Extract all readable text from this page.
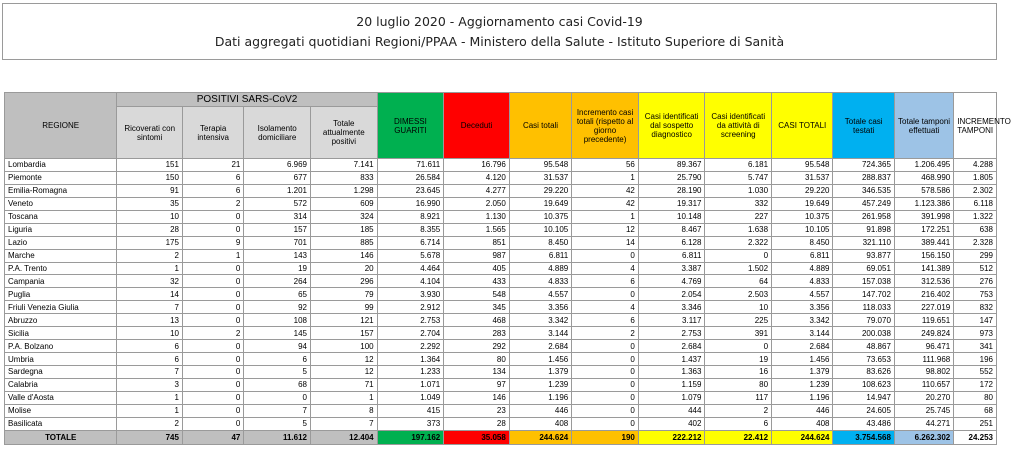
20 luglio 2020 - Aggiornamento casi Covid-19
Dati aggregati quotidiani Regioni/PPAA - Ministero della Salute - Istituto Superiore di Sanità
REGIONE	POSITIVI SARS-CoV2				DIMESSI GUARITI	Deceduti	Casi totali	Incremento casi totali (rispetto al giorno precedente)	Casi identificati dal sospetto diagnostico	Casi identificati da attività di screening	CASI TOTALI	Totale casi testati	Totale tamponi effettuati	INCREMENTO TAMPONI
	Ricoverati con sintomi	Terapia intensiva	Isolamento domiciliare	Totale attualmente positivi										
Lombardia	151	21	6.969	7.141	71.611	16.796	95.548	56	89.367	6.181	95.548	724.365	1.206.495	4.288
Piemonte	150	6	677	833	26.584	4.120	31.537	1	25.790	5.747	31.537	288.837	468.990	1.805
Emilia-Romagna	91	6	1.201	1.298	23.645	4.277	29.220	42	28.190	1.030	29.220	346.535	578.586	2.302
Veneto	35	2	572	609	16.990	2.050	19.649	42	19.317	332	19.649	457.249	1.123.386	6.118
Toscana	10	0	314	324	8.921	1.130	10.375	1	10.148	227	10.375	261.958	391.998	1.322
Liguria	28	0	157	185	8.355	1.565	10.105	12	8.467	1.638	10.105	91.898	172.251	638
Lazio	175	9	701	885	6.714	851	8.450	14	6.128	2.322	8.450	321.110	389.441	2.328
Marche	2	1	143	146	5.678	987	6.811	0	6.811	0	6.811	93.877	156.150	299
P.A. Trento	1	0	19	20	4.464	405	4.889	4	3.387	1.502	4.889	69.051	141.389	512
Campania	32	0	264	296	4.104	433	4.833	6	4.769	64	4.833	157.038	312.536	276
Puglia	14	0	65	79	3.930	548	4.557	0	2.054	2.503	4.557	147.702	216.402	753
Friuli Venezia Giulia	7	0	92	99	2.912	345	3.356	4	3.346	10	3.356	118.033	227.019	832
Abruzzo	13	0	108	121	2.753	468	3.342	6	3.117	225	3.342	79.070	119.651	147
Sicilia	10	2	145	157	2.704	283	3.144	2	2.753	391	3.144	200.038	249.824	973
P.A. Bolzano	6	0	94	100	2.292	292	2.684	0	2.684	0	2.684	48.867	96.471	341
Umbria	6	0	6	12	1.364	80	1.456	0	1.437	19	1.456	73.653	111.968	196
Sardegna	7	0	5	12	1.233	134	1.379	0	1.363	16	1.379	83.626	98.802	552
Calabria	3	0	68	71	1.071	97	1.239	0	1.159	80	1.239	108.623	110.657	172
Valle d'Aosta	1	0	0	1	1.049	146	1.196	0	1.079	117	1.196	14.947	20.270	80
Molise	1	0	7	8	415	23	446	0	444	2	446	24.605	25.745	68
Basilicata	2	0	5	7	373	28	408	0	402	6	408	43.486	44.271	251
TOTALE	745	47	11.612	12.404	197.162	35.058	244.624	190	222.212	22.412	244.624	3.754.568	6.262.302	24.253
